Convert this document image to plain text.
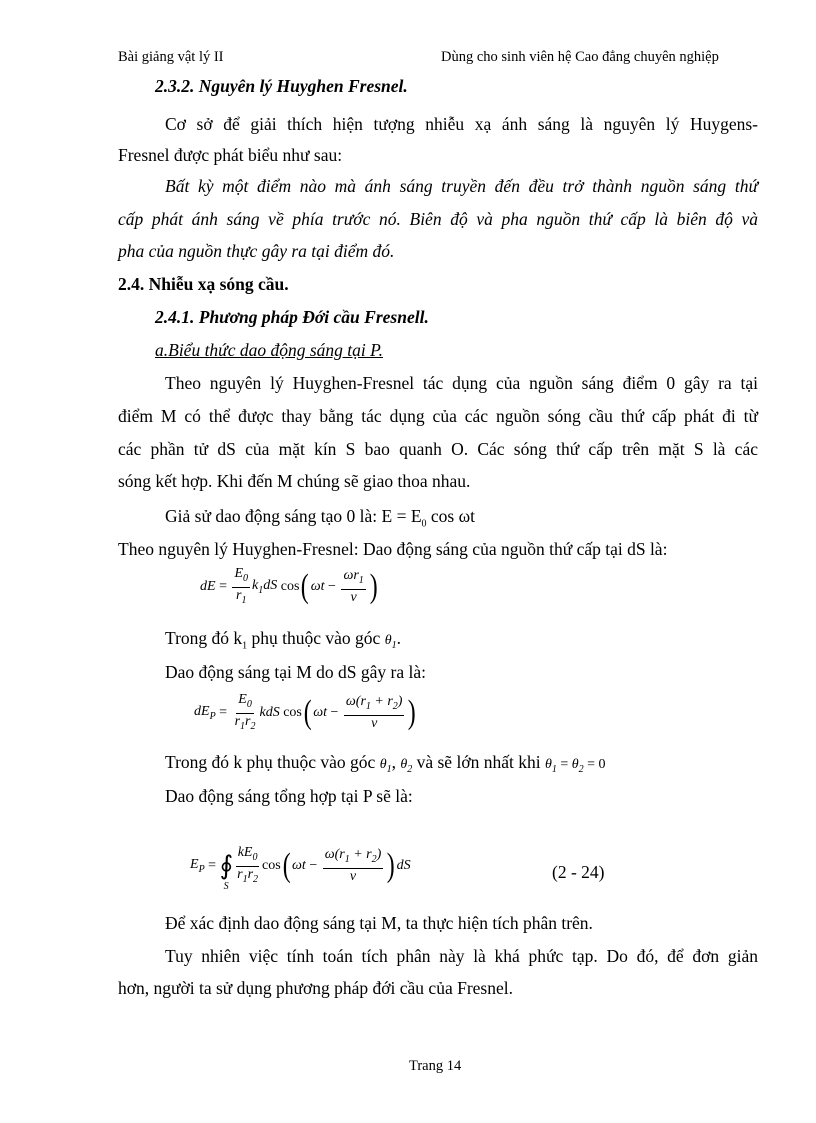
Bài giảng vật lý II	Dùng cho sinh viên hệ Cao đẳng chuyên nghiệp
2.3.2. Nguyên lý Huyghen Fresnel.
Cơ sở để giải thích hiện tượng nhiễu xạ ánh sáng là nguyên lý Huygens-
Fresnel được phát biểu như sau:
Bất kỳ một điểm nào mà ánh sáng truyền đến đều trở thành nguồn sáng thứ
cấp phát ánh sáng về phía trước nó. Biên độ và pha nguồn thứ cấp là biên độ và
pha của nguồn thực gây ra tại điểm đó.
2.4. Nhiễu xạ sóng cầu.
2.4.1. Phương pháp Đới cầu Fresnell.
a.Biểu thức dao động sáng tại P.
Theo nguyên lý Huyghen-Fresnel tác dụng của nguồn sáng điểm 0 gây ra tại
điểm M có thể được thay bằng tác dụng của các nguồn sóng cầu thứ cấp phát đi từ
các phần tử dS của mặt kín S bao quanh O. Các sóng thứ cấp trên mặt S là các
sóng kết hợp. Khi đến M chúng sẽ giao thoa nhau.
Giả sử dao động sáng tạo 0 là: $E = E_0$ cos ωt
Theo nguyên lý Huyghen-Fresnel: Dao động sáng của nguồn thứ cấp tại dS là:
dE = $\frac{E_0}{r_1} k_1dS$ cos ( $\omega t - \frac{\omega r_1}{v}$ )
Trong đó $k_1$ phụ thuộc vào góc $\theta_1$.
Dao động sáng tại M do dS gây ra là:
$dE_P = \frac{E_0}{r_1r_2}$ kdS cos ( $\omega t - \frac{\omega(r_1 + r_2)}{v}$ )
Trong đó k phụ thuộc vào góc $\theta_1$, $\theta_2$ và sẽ lớn nhất khi $\theta_1 = \theta_2 = 0$
Dao động sáng tổng hợp tại P sẽ là:
$E_P$ = ∮
S $\frac{kE_0}{r_1r_2}$ cos ( $\omega t - \frac{\omega(r_1 + r_2)}{v}$ ) dS	(2 - 24)
Để xác định dao động sáng tại M, ta thực hiện tích phân trên.
Tuy nhiên việc tính toán tích phân này là khá phức tạp. Do đó, để đơn giản
hơn, người ta sử dụng phương pháp đới cầu của Fresnel.
Trang 14
